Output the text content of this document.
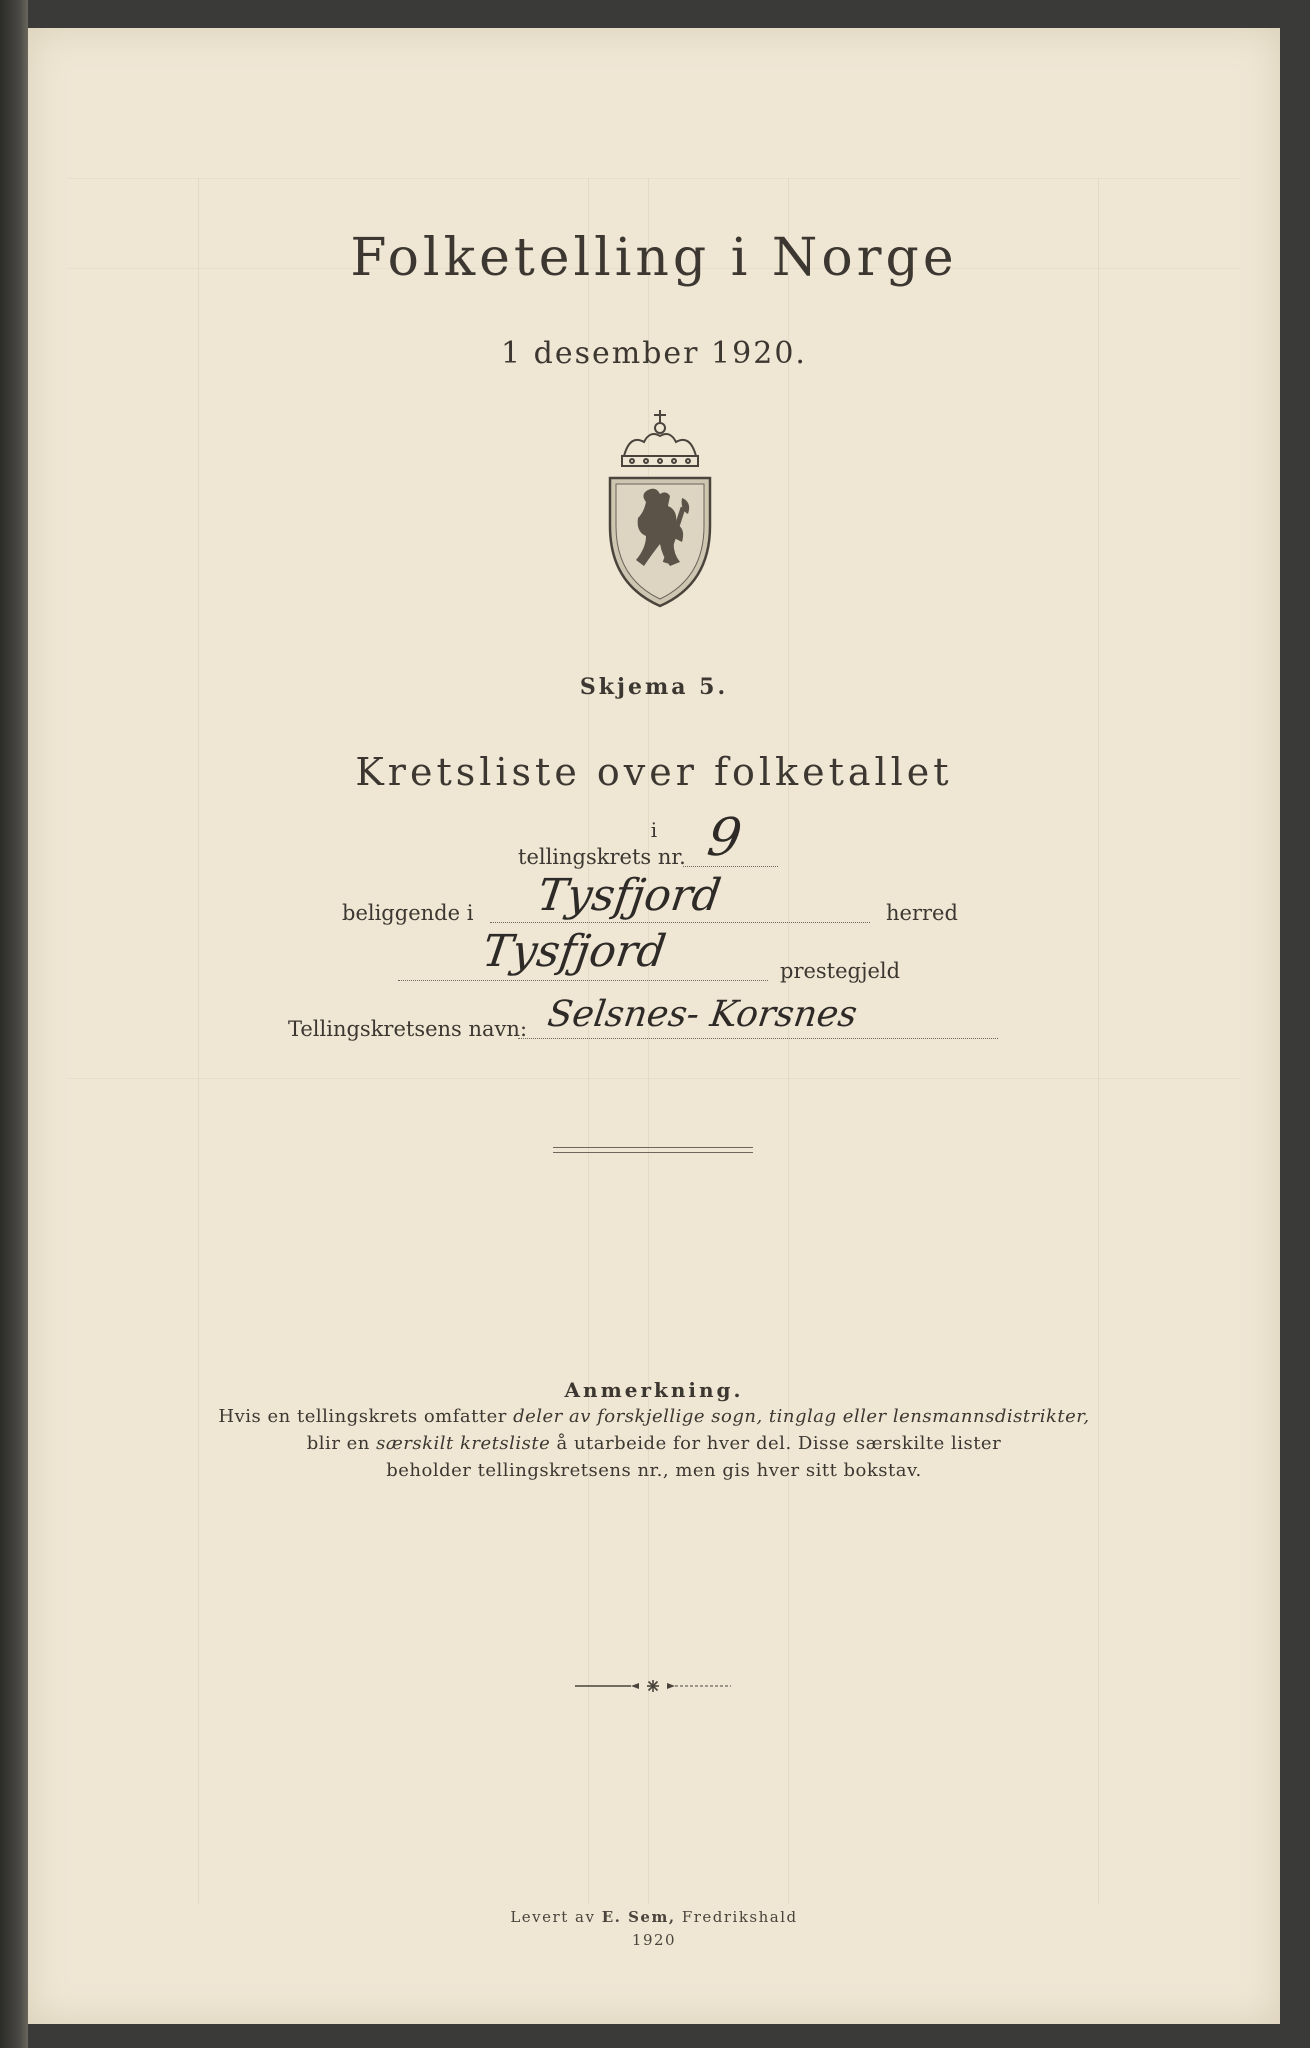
Folketelling i Norge
1 desember 1920.
Skjema 5.
Kretsliste over folketallet
i
tellingskrets nr. 9
beliggende i Tysfjord	herred
Tysfjord	prestegjeld
Tellingskretsens navn: Selsnes- Korsnes
Anmerkning.
Hvis en tellingskrets omfatter deler av forskjellige sogn, tinglag eller lensmannsdistrikter,
blir en særskilt kretsliste å utarbeide for hver del. Disse særskilte lister
beholder tellingskretsens nr., men gis hver sitt bokstav.
Levert av E. Sem, Fredrikshald
1920
